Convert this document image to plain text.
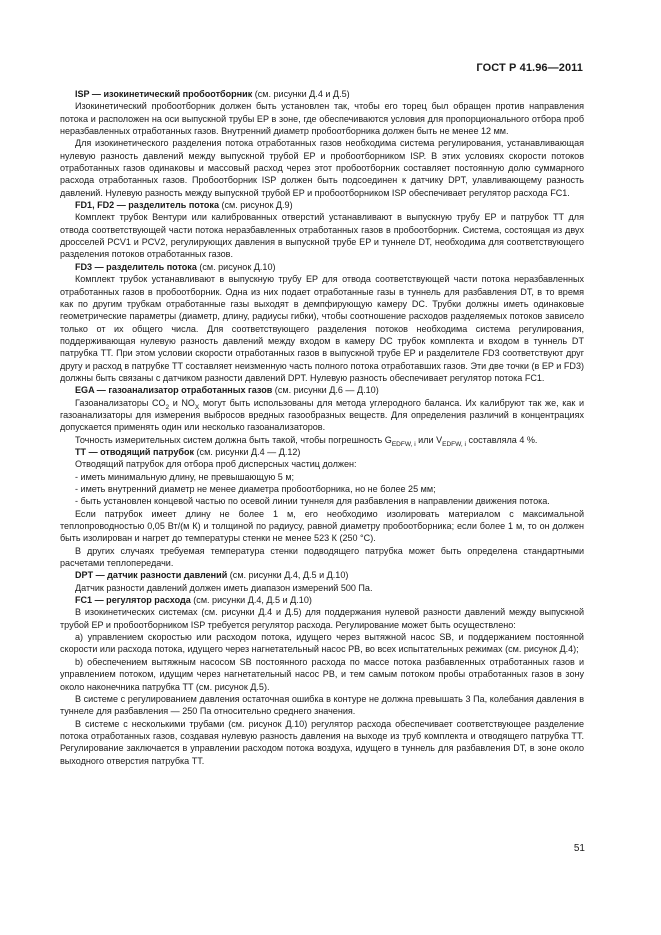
ГОСТ Р 41.96—2011

ISP — изокинетический пробоотборник (см. рисунки Д.4 и Д.5)

Изокинетический пробоотборник должен быть установлен так, чтобы его торец был обращен против направления потока и расположен на оси выпускной трубы EP в зоне, где обеспечиваются условия для пропорционального отбора проб неразбавленных отработанных газов. Внутренний диаметр пробоотборника должен быть не менее 12 мм.

Для изокинетического разделения потока отработанных газов необходима система регулирования, устанавливающая нулевую разность давлений между выпускной трубой EP и пробоотборником ISP. В этих условиях скорости потоков отработанных газов одинаковы и массовый расход через этот пробоотборник составляет постоянную долю суммарного расхода отработанных газов. Пробоотборник ISP должен быть подсоединен к датчику DPT, улавливающему разность давлений. Нулевую разность между выпускной трубой EP и пробоотборником ISP обеспечивает регулятор расхода FC1.

FD1, FD2 — разделитель потока (см. рисунок Д.9)

Комплект трубок Вентури или калиброванных отверстий устанавливают в выпускную трубу EP и патрубок TT для отвода соответствующей части потока неразбавленных отработанных газов в пробоотборник. Система, состоящая из двух дросселей PCV1 и PCV2, регулирующих давления в выпускной трубе EP и туннеле DT, необходима для соответствующего разделения потоков отработанных газов.

FD3 — разделитель потока (см. рисунок Д.10)

Комплект трубок устанавливают в выпускную трубу EP для отвода соответствующей части потока неразбавленных отработанных газов в пробоотборник. Одна из них подает отработанные газы в туннель для разбавления DT, в то время как по другим трубкам отработанные газы выходят в демпфирующую камеру DC. Трубки должны иметь одинаковые геометрические параметры (диаметр, длину, радиусы гибки), чтобы соотношение расходов разделяемых потоков зависело только от их общего числа. Для соответствующего разделения потоков необходима система регулирования, поддерживающая нулевую разность давлений между входом в камеру DC трубок комплекта и входом в туннель DT патрубка TT. При этом условии скорости отработанных газов в выпускной трубе EP и разделителе FD3 соответствуют друг другу и расход в патрубке TT составляет неизменную часть полного потока отработавших газов. Эти две точки (в EP и FD3) должны быть связаны с датчиком разности давлений DPT. Нулевую разность обеспечивает регулятор потока FC1.

EGA — газоанализатор отработанных газов (см. рисунки Д.6 — Д.10)

Газоанализаторы $CO_2$ и $NO_X$ могут быть использованы для метода углеродного баланса. Их калибруют так же, как и газоанализаторы для измерения выбросов вредных газообразных веществ. Для определения различий в концентрациях допускается применять один или несколько газоанализаторов.

Точность измерительных систем должна быть такой, чтобы погрешность $G_{EDFW, i}$ или $V_{EDFW, i}$ составляла 4 %.

TT — отводящий патрубок (см. рисунки Д.4 — Д.12)

Отводящий патрубок для отбора проб дисперсных частиц должен:

- иметь минимальную длину, не превышающую 5 м;

- иметь внутренний диаметр не менее диаметра пробоотборника, но не более 25 мм;

- быть установлен концевой частью по осевой линии туннеля для разбавления в направлении движения потока.

Если патрубок имеет длину не более 1 м, его необходимо изолировать материалом с максимальной теплопроводностью 0,05 Вт/(м К) и толщиной по радиусу, равной диаметру пробоотборника; если более 1 м, то он должен быть изолирован и нагрет до температуры стенки не менее 523 К (250 °С).

В других случаях требуемая температура стенки подводящего патрубка может быть определена стандартными расчетами теплопередачи.

DPT — датчик разности давлений (см. рисунки Д.4, Д.5 и Д.10)

Датчик разности давлений должен иметь диапазон измерений 500 Па.

FC1 — регулятор расхода (см. рисунки Д.4, Д.5 и Д.10)

В изокинетических системах (см. рисунки Д.4 и Д.5) для поддержания нулевой разности давлений между выпускной трубой EP и пробоотборником ISP требуется регулятор расхода. Регулирование может быть осуществлено:

а) управлением скоростью или расходом потока, идущего через вытяжной насос SB, и поддержанием постоянной скорости или расхода потока, идущего через нагнетательный насос PB, во всех испытательных режимах (см. рисунок Д.4);

b) обеспечением вытяжным насосом SB постоянного расхода по массе потока разбавленных отработанных газов и управлением потоком, идущим через нагнетательный насос PB, и тем самым потоком пробы отработанных газов в зону около наконечника патрубка TT (см. рисунок Д.5).

В системе с регулированием давления остаточная ошибка в контуре не должна превышать 3 Па, колебания давления в туннеле для разбавления — 250 Па относительно среднего значения.

В системе с несколькими трубами (см. рисунок Д.10) регулятор расхода обеспечивает соответствующее разделение потока отработанных газов, создавая нулевую разность давления на выходе из труб комплекта и отводящего патрубка TT. Регулирование заключается в управлении расходом потока воздуха, идущего в туннель для разбавления DT, в зоне около выходного отверстия патрубка TT.

51
